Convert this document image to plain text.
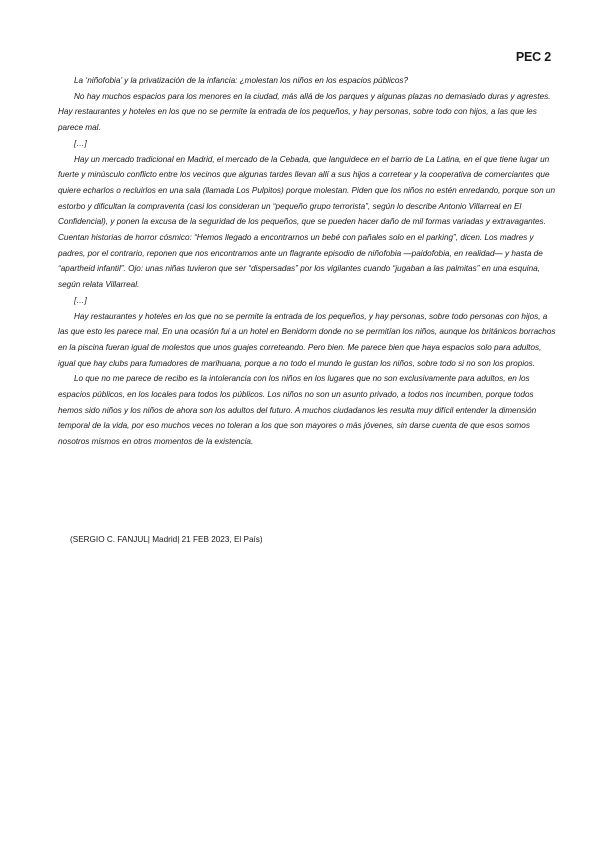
PEC 2

La ‘niñofobia’ y la privatización de la infancia: ¿molestan los niños en los espacios públicos?

No hay muchos espacios para los menores en la ciudad, más allá de los parques y algunas plazas no demasiado duras y agrestes. Hay restaurantes y hoteles en los que no se permite la entrada de los pequeños, y hay personas, sobre todo con hijos, a las que les parece mal.

[…]

Hay un mercado tradicional en Madrid, el mercado de la Cebada, que languidece en el barrio de La Latina, en el que tiene lugar un fuerte y minúsculo conflicto entre los vecinos que algunas tardes llevan allí a sus hijos a corretear y la cooperativa de comerciantes que quiere echarlos o recluirlos en una sala (llamada Los Pulpitos) porque molestan. Piden que los niños no estén enredando, porque son un estorbo y dificultan la compraventa (casi los consideran un “pequeño grupo terrorista”, según lo describe Antonio Villarreal en El Confidencial), y ponen la excusa de la seguridad de los pequeños, que se pueden hacer daño de mil formas variadas y extravagantes. Cuentan historias de horror cósmico: “Hemos llegado a encontrarnos un bebé con pañales solo en el parking”, dicen. Los madres y padres, por el contrario, reponen que nos encontramos ante un flagrante episodio de niñofobia —paidofobia, en realidad— y hasta de “apartheid infantil”. Ojo: unas niñas tuvieron que ser “dispersadas” por los vigilantes cuando “jugaban a las palmitas” en una esquina, según relata Villarreal.

[…]

Hay restaurantes y hoteles en los que no se permite la entrada de los pequeños, y hay personas, sobre todo personas con hijos, a las que esto les parece mal. En una ocasión fui a un hotel en Benidorm donde no se permitían los niños, aunque los británicos borrachos en la piscina fueran igual de molestos que unos guajes correteando. Pero bien. Me parece bien que haya espacios solo para adultos, igual que hay clubs para fumadores de marihuana, porque a no todo el mundo le gustan los niños, sobre todo si no son los propios.

Lo que no me parece de recibo es la intolerancia con los niños en los lugares que no son exclusivamente para adultos, en los espacios públicos, en los locales para todos los públicos. Los niños no son un asunto privado, a todos nos incumben, porque todos hemos sido niños y los niños de ahora son los adultos del futuro. A muchos ciudadanos les resulta muy difícil entender la dimensión temporal de la vida, por eso muchos veces no toleran a los que son mayores o más jóvenes, sin darse cuenta de que esos somos nosotros mismos en otros momentos de la existencia.

(SERGIO C. FANJUL| Madrid| 21 FEB 2023, El País)
